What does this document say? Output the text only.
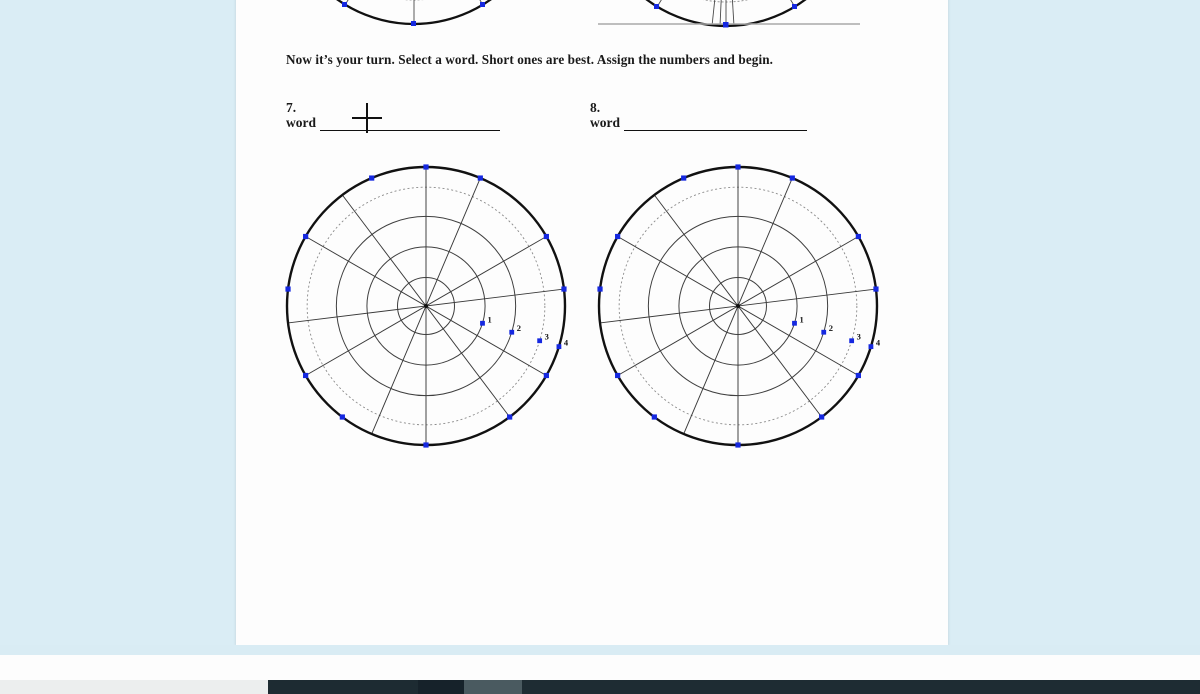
Now it’s your turn. Select a word. Short ones are best. Assign the numbers and begin.
7.
word
8.
word
1
2
3
4
1
2
3
4
